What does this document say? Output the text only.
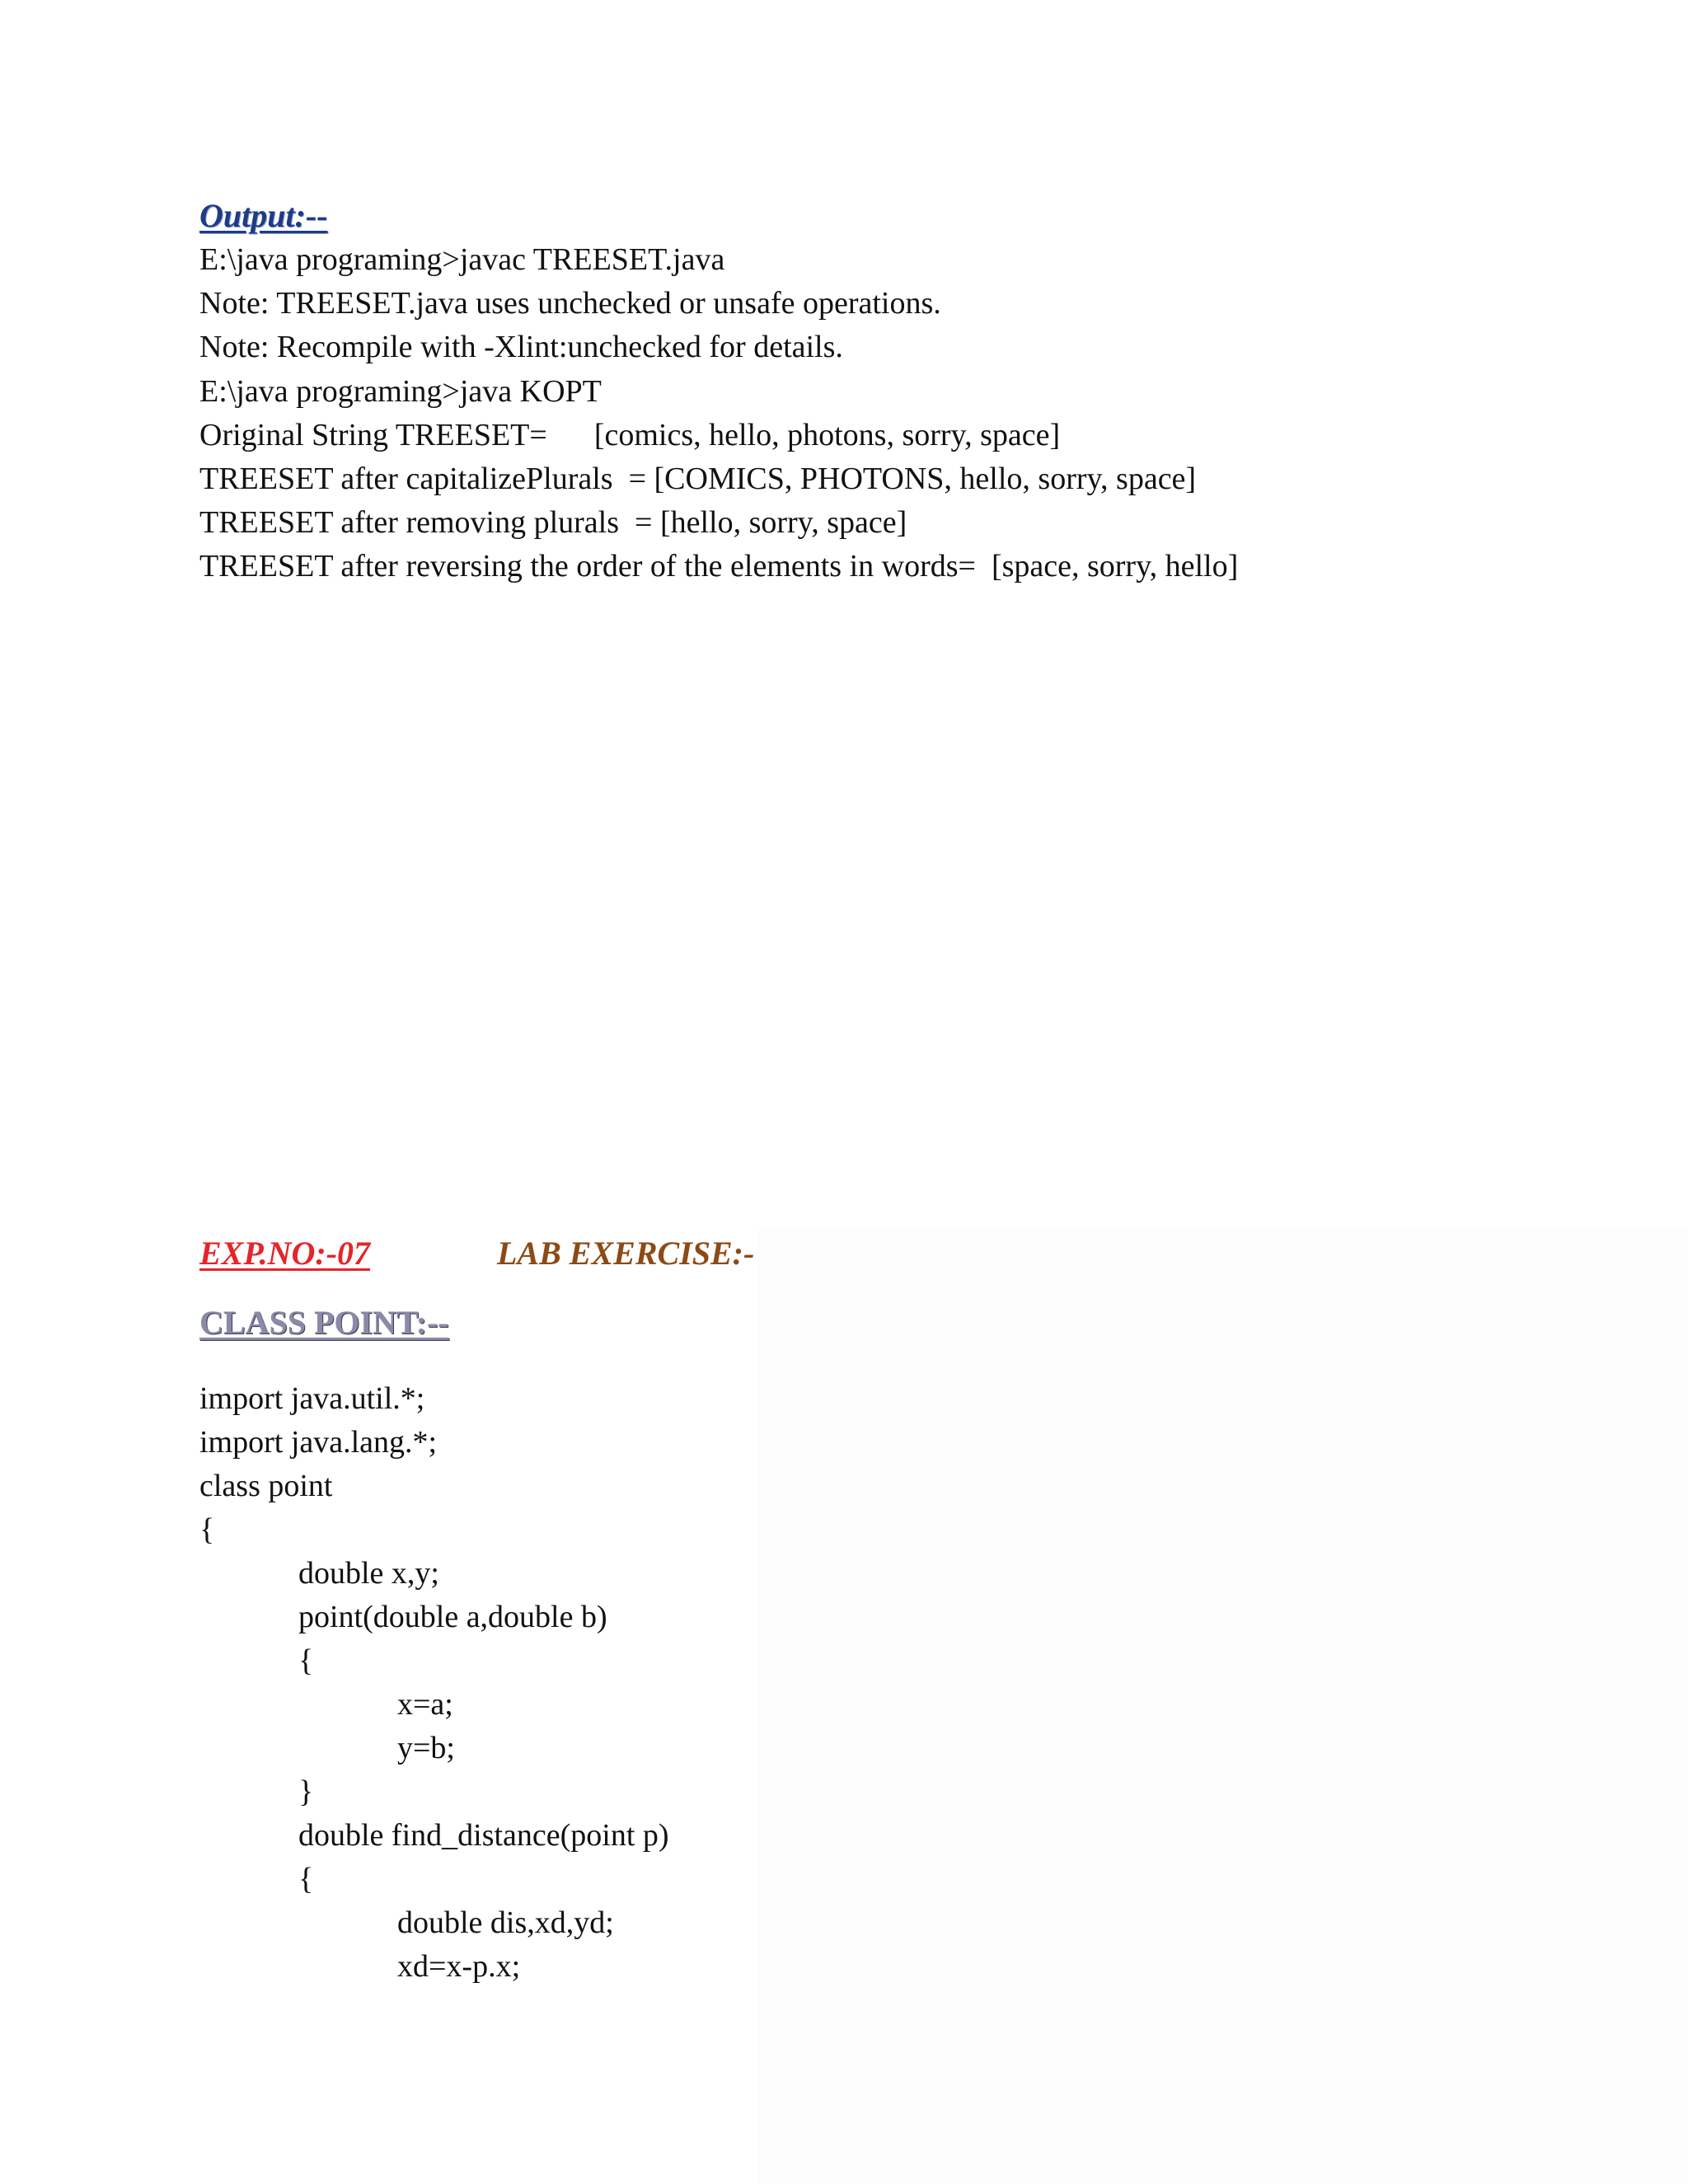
Output:--
E:\java programing>javac TREESET.java
Note: TREESET.java uses unchecked or unsafe operations.
Note: Recompile with -Xlint:unchecked for details.
E:\java programing>java KOPT
Original String TREESET=      [comics, hello, photons, sorry, space]
TREESET after capitalizePlurals  = [COMICS, PHOTONS, hello, sorry, space]
TREESET after removing plurals  = [hello, sorry, space]
TREESET after reversing the order of the elements in words=  [space, sorry, hello]
EXP.NO:-07	LAB EXERCISE:-
CLASS POINT:--
import java.util.*;
import java.lang.*;
class point
{
double x,y;
point(double a,double b)
{
x=a;
y=b;
}
double find_distance(point p)
{
double dis,xd,yd;
xd=x-p.x;
